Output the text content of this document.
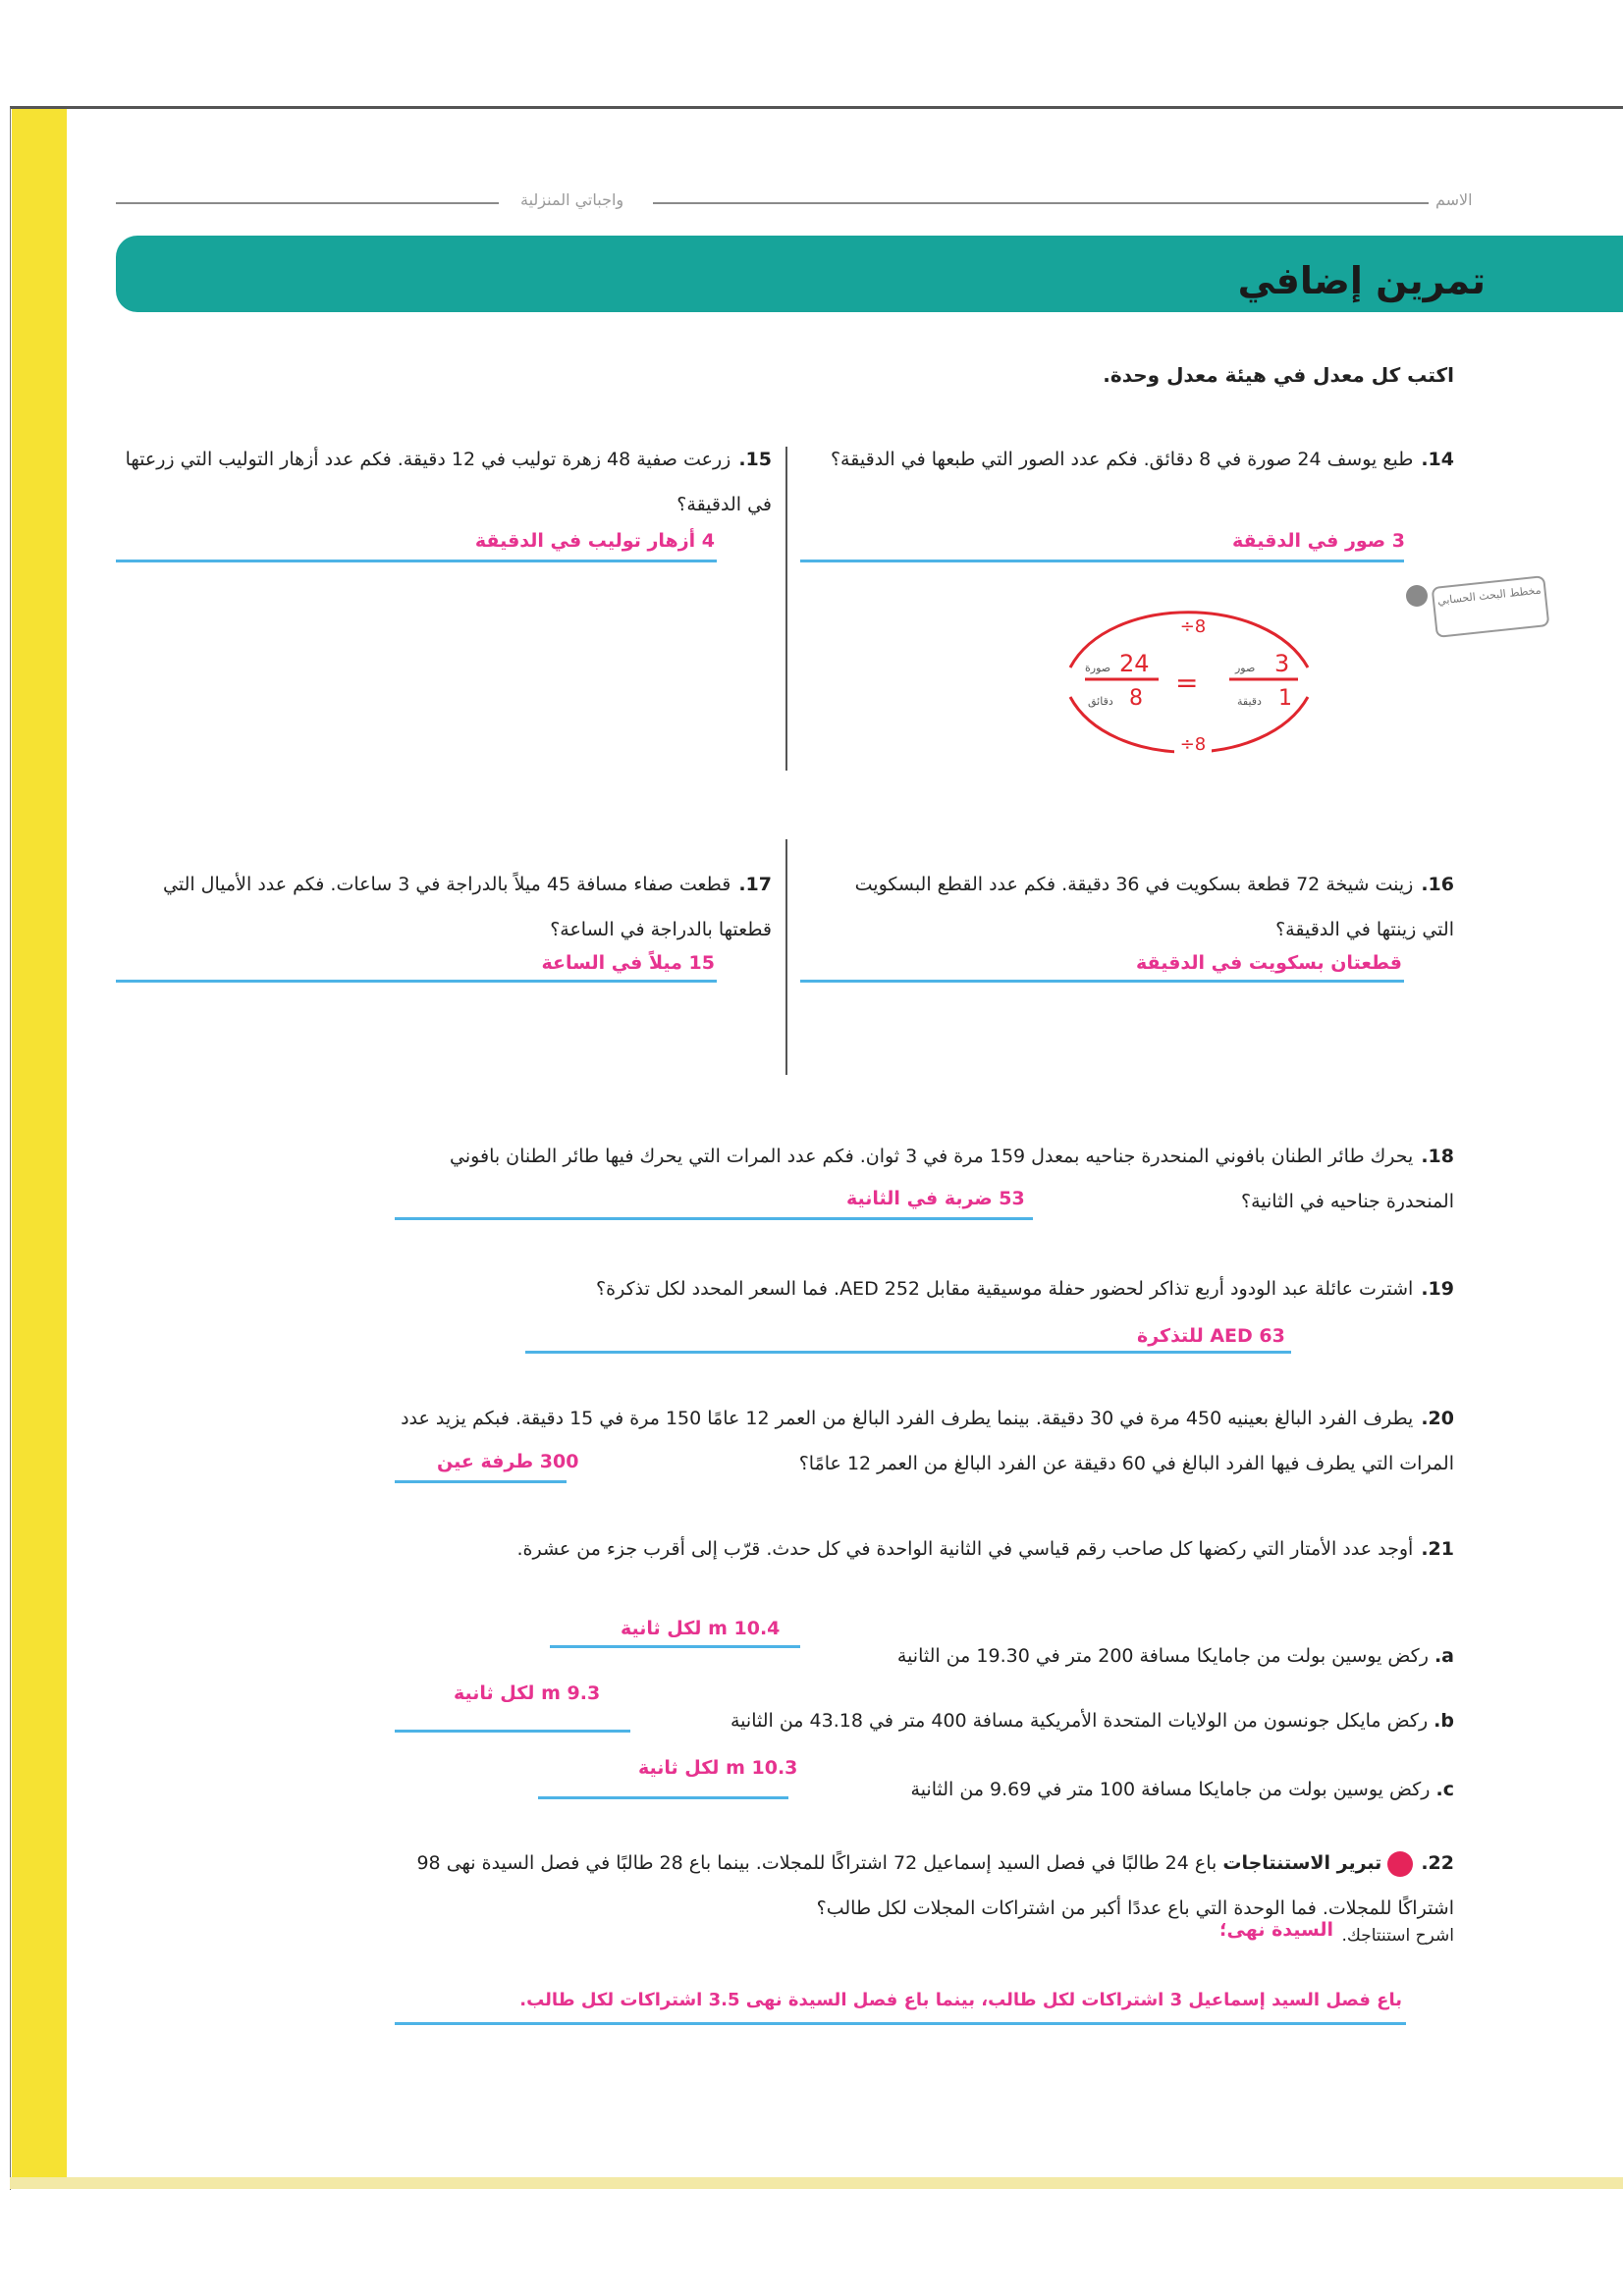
واجباتي المنزلية	الاسم
تمرين إضافي
اكتب كل معدل في هيئة معدل وحدة.
14.طبع يوسف 24 صورة في 8 دقائق. فكم عدد الصور التي طبعها في الدقيقة؟
3 صور في الدقيقة
15.زرعت صفية 48 زهرة توليب في 12 دقيقة. فكم عدد أزهار التوليب التي زرعتها في الدقيقة؟
4 أزهار توليب في الدقيقة
مخطط البحث الحسابي
÷8
÷8
24
صورة
8
دقائق
=
3
صور
1
دقيقة
16.زينت شيخة 72 قطعة بسكويت في 36 دقيقة. فكم عدد القطع البسكويت التي زينتها في الدقيقة؟
قطعتان بسكويت في الدقيقة
17.قطعت صفاء مسافة 45 ميلاً بالدراجة في 3 ساعات. فكم عدد الأميال التي قطعتها بالدراجة في الساعة؟
15 ميلاً في الساعة
18.يحرك طائر الطنان بافوني المنحدرة جناحيه بمعدل 159 مرة في 3 ثوان. فكم عدد المرات التي يحرك فيها طائر الطنان بافوني المنحدرة جناحيه في الثانية؟
53 ضربة في الثانية
19.اشترت عائلة عبد الودود أربع تذاكر لحضور حفلة موسيقية مقابل AED 252. فما السعر المحدد لكل تذكرة؟
AED 63 للتذكرة
20.يطرف الفرد البالغ بعينيه 450 مرة في 30 دقيقة. بينما يطرف الفرد البالغ من العمر 12 عامًا 150 مرة في 15 دقيقة. فبكم يزيد عدد المرات التي يطرف فيها الفرد البالغ في 60 دقيقة عن الفرد البالغ من العمر 12 عامًا؟
300 طرفة عين
21.أوجد عدد الأمتار التي ركضها كل صاحب رقم قياسي في الثانية الواحدة في كل حدث. قرّب إلى أقرب جزء من عشرة.
10.4 m لكل ثانية
a. ركض يوسين بولت من جامايكا مسافة 200 متر في 19.30 من الثانية
9.3 m لكل ثانية
b. ركض مايكل جونسون من الولايات المتحدة الأمريكية مسافة 400 متر في 43.18 من الثانية
10.3 m لكل ثانية
c. ركض يوسين بولت من جامايكا مسافة 100 متر في 9.69 من الثانية
22.تبرير الاستنتاجات باع 24 طالبًا في فصل السيد إسماعيل 72 اشتراكًا للمجلات. بينما باع 28 طالبًا في فصل السيدة نهى 98 اشتراكًا للمجلات. فما الوحدة التي باع عددًا أكبر من اشتراكات المجلات لكل طالب؟
اشرح استنتاجك.
السيدة نهى؛
باع فصل السيد إسماعيل 3 اشتراكات لكل طالب، بينما باع فصل السيدة نهى 3.5 اشتراكات لكل طالب.
